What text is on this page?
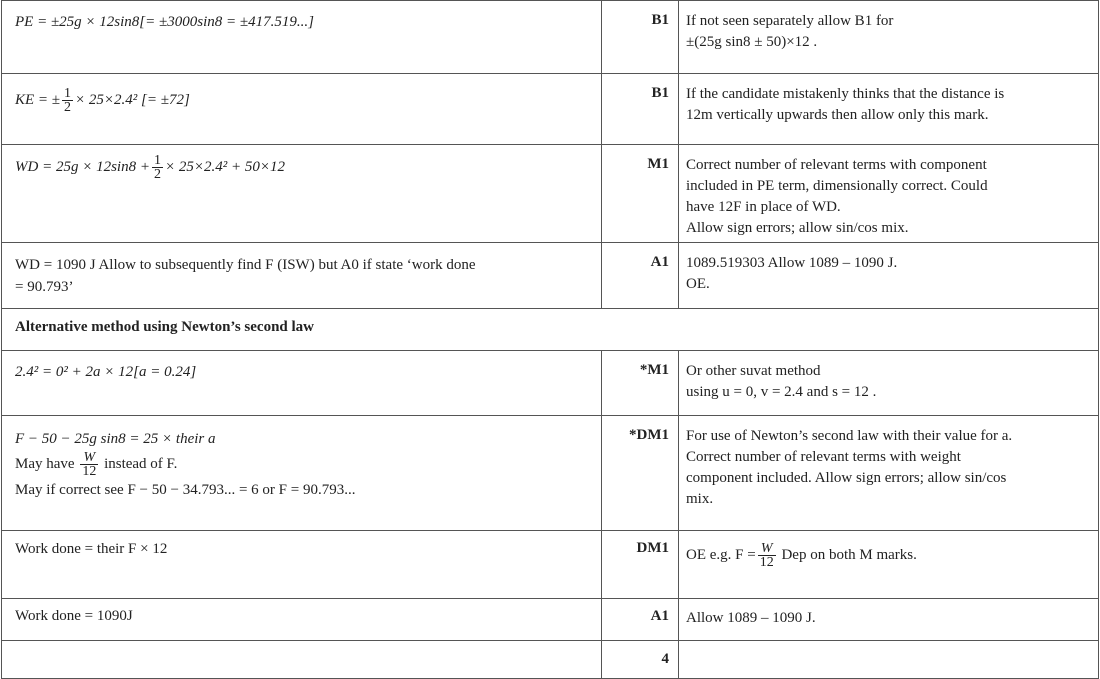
PE = ±25g × 12sin8[= ±3000sin8 = ±417.519...]	B1	If not seen separately allow B1 for
±(25g sin8 ± 50)×12 .
KE = ± $\frac{1}{2} \times 25\times 2.4^2$ [= ±72]	B1	If the candidate mistakenly thinks that the distance is
12m vertically upwards then allow only this mark.
WD = $25g \times 12\sin 8 + \frac{1}{2} \times 25\times 2.4^2 + 50\times 12$	M1	Correct number of relevant terms with component
included in PE term, dimensionally correct. Could
have 12F in place of WD.
Allow sign errors; allow sin/cos mix.
WD = 1090 J Allow to subsequently find F (ISW) but A0 if state ‘work done
= 90.793’
A1	1089.519303 Allow 1089 – 1090 J.
OE.
Alternative method using Newton’s second law
2.4² = 0² + 2a × 12[a = 0.24]	*M1	Or other suvat method
using u = 0, v = 2.4 and s = 12 .
F − 50 − 25g sin8 = 25 × their a
May have $\frac{W}{12}$ instead of F.
May if correct see F − 50 − 34.793... = 6 or F = 90.793...
*DM1	For use of Newton’s second law with their value for a.
Correct number of relevant terms with weight
component included. Allow sign errors; allow sin/cos
mix.
Work done = their F × 12	DM1	OE e.g. $F = \frac{W}{12}$ Dep on both M marks.
Work done = 1090J	A1	Allow 1089 – 1090 J.
4
